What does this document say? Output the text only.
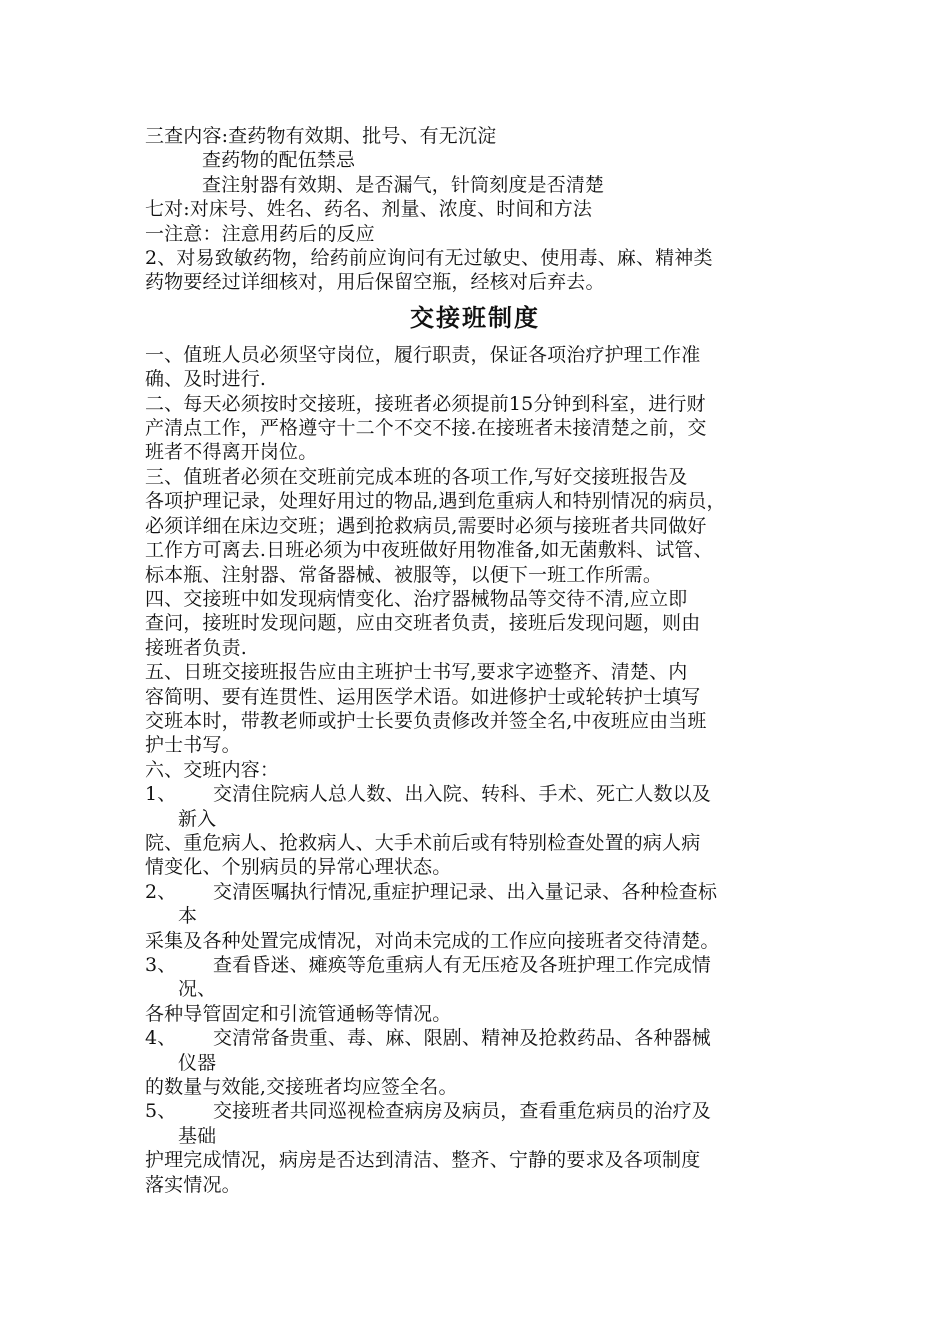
三查内容:查药物有效期、批号、有无沉淀
查药物的配伍禁忌
查注射器有效期、是否漏气，针筒刻度是否清楚
七对:对床号、姓名、药名、剂量、浓度、时间和方法
一注意：注意用药后的反应
2、对易致敏药物，给药前应询问有无过敏史、使用毒、麻、精神类
药物要经过详细核对，用后保留空瓶，经核对后弃去。
交接班制度
一、值班人员必须坚守岗位，履行职责，保证各项治疗护理工作准
确、及时进行.
二、每天必须按时交接班，接班者必须提前15分钟到科室，进行财
产清点工作，严格遵守十二个不交不接.在接班者未接清楚之前，交
班者不得离开岗位。
三、值班者必须在交班前完成本班的各项工作,写好交接班报告及
各项护理记录，处理好用过的物品,遇到危重病人和特别情况的病员，
必须详细在床边交班；遇到抢救病员,需要时必须与接班者共同做好
工作方可离去.日班必须为中夜班做好用物准备,如无菌敷料、试管、
标本瓶、注射器、常备器械、被服等，以便下一班工作所需。
四、交接班中如发现病情变化、治疗器械物品等交待不清,应立即
查问，接班时发现问题，应由交班者负责，接班后发现问题，则由
接班者负责.
五、日班交接班报告应由主班护士书写,要求字迹整齐、清楚、内
容简明、要有连贯性、运用医学术语。如进修护士或轮转护士填写
交班本时，带教老师或护士长要负责修改并签全名,中夜班应由当班
护士书写。
六、交班内容：
1、	交清住院病人总人数、出入院、转科、手术、死亡人数以及
新入
院、重危病人、抢救病人、大手术前后或有特别检查处置的病人病
情变化、个别病员的异常心理状态。
2、	交清医嘱执行情况,重症护理记录、出入量记录、各种检查标
本
采集及各种处置完成情况，对尚未完成的工作应向接班者交待清楚。
3、	查看昏迷、瘫痪等危重病人有无压疮及各班护理工作完成情
况、
各种导管固定和引流管通畅等情况。
4、	交清常备贵重、毒、麻、限剧、精神及抢救药品、各种器械
仪器
的数量与效能,交接班者均应签全名。
5、	交接班者共同巡视检查病房及病员，查看重危病员的治疗及
基础
护理完成情况，病房是否达到清洁、整齐、宁静的要求及各项制度
落实情况。
